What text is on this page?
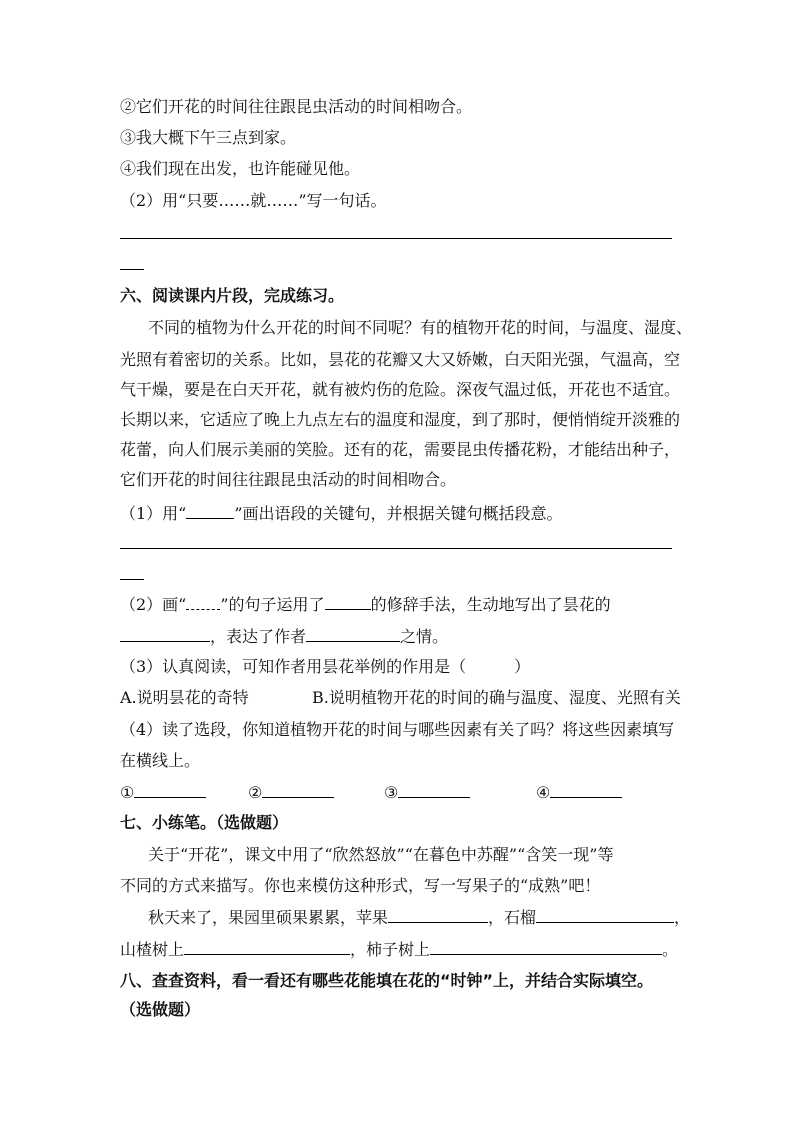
②它们开花的时间往往跟昆虫活动的时间相吻合。
③我大概下午三点到家。
④我们现在出发，也许能碰见他。
（2）用“只要……就……”写一句话。
六、阅读课内片段，完成练习。
不同的植物为什么开花的时间不同呢？有的植物开花的时间，与温度、湿度、
光照有着密切的关系。比如，昙花的花瓣又大又娇嫩，白天阳光强，气温高，空
气干燥，要是在白天开花，就有被灼伤的危险。深夜气温过低，开花也不适宜。
长期以来，它适应了晚上九点左右的温度和湿度，到了那时，便悄悄绽开淡雅的
花蕾，向人们展示美丽的笑脸。还有的花，需要昆虫传播花粉，才能结出种子，
它们开花的时间往往跟昆虫活动的时间相吻合。
（1）用“	”画出语段的关键句，并根据关键句概括段意。
（2）画“ ”的句子运用了	的修辞手法，生动地写出了昙花的
，表达了作者	之情。
（3）认真阅读，可知作者用昙花举例的作用是（　　　）
A.说明昙花的奇特	B.说明植物开花的时间的确与温度、湿度、光照有关
（4）读了选段，你知道植物开花的时间与哪些因素有关了吗？将这些因素填写
在横线上。
①	②	③	④
七、小练笔。（选做题）
关于“开花”，课文中用了“欣然怒放”“在暮色中苏醒”“含笑一现”等
不同的方式来描写。你也来模仿这种形式，写一写果子的“成熟”吧！
秋天来了，果园里硕果累累，苹果	，石榴	，
山楂树上	，柿子树上	。
八、查查资料，看一看还有哪些花能填在花的“时钟”上，并结合实际填空。
（选做题）
